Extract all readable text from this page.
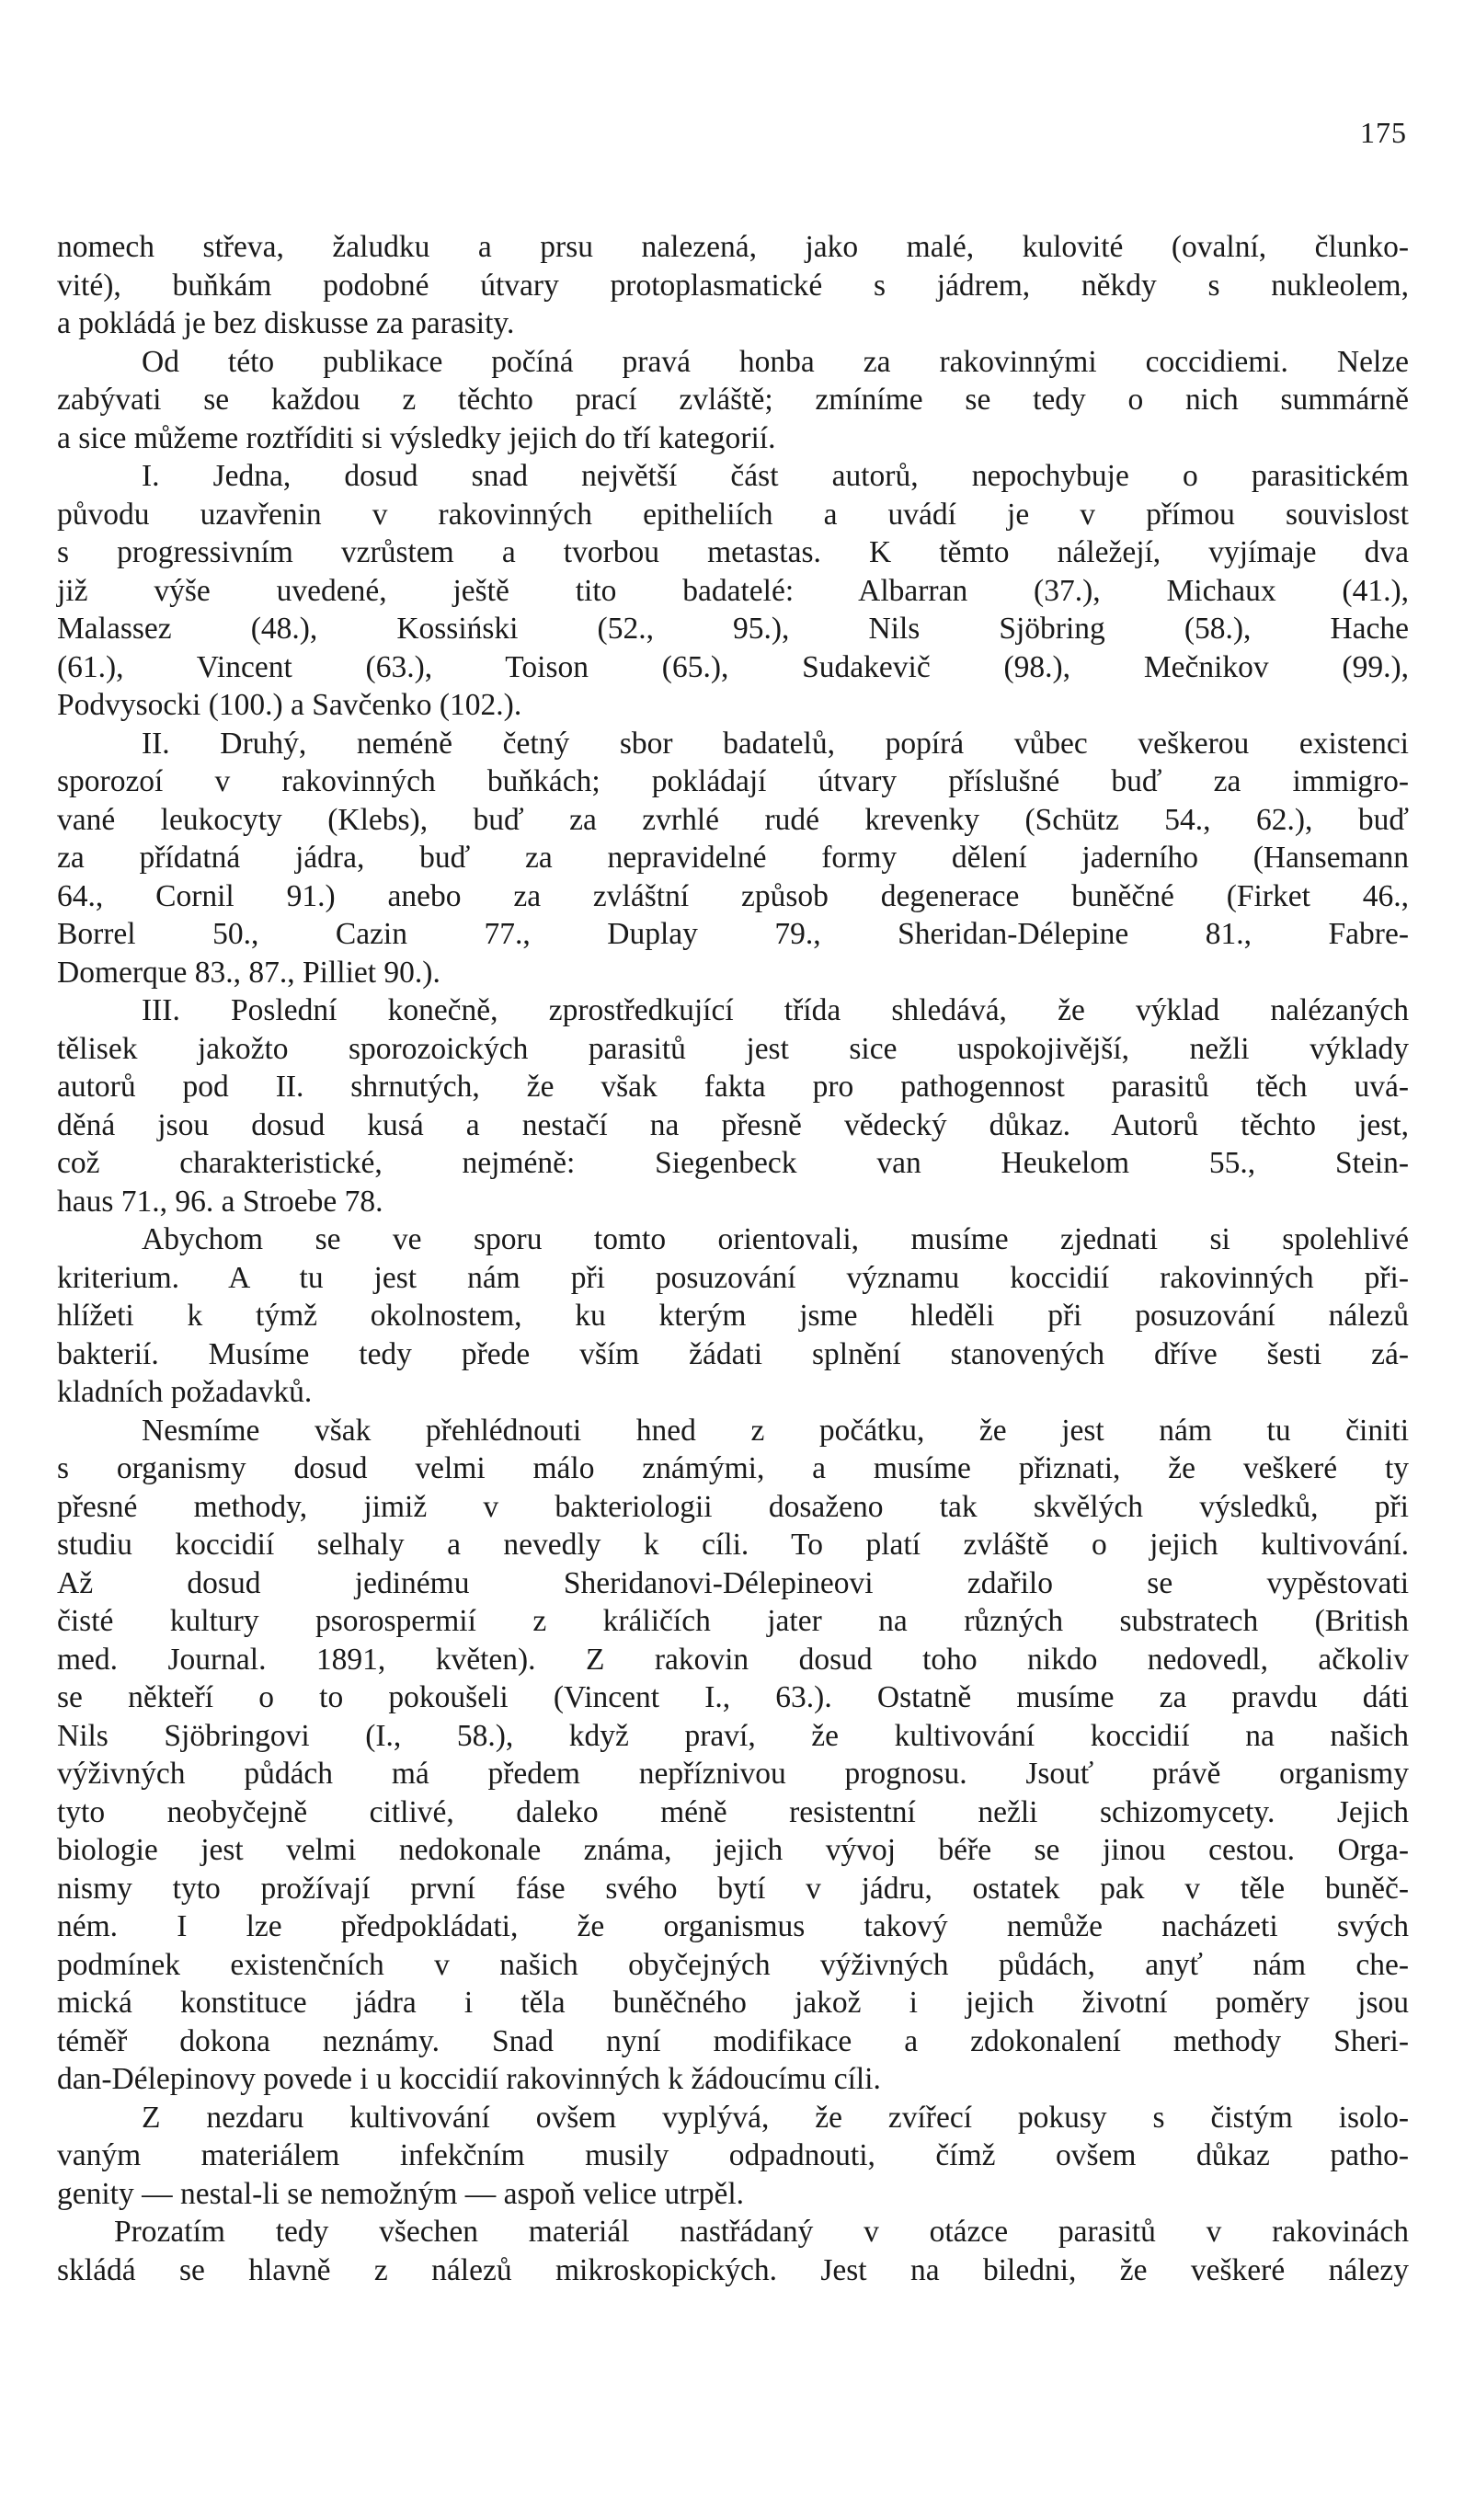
175
nomech střeva, žaludku a prsu nalezená, jako malé, kulovité (ovalní, člunko-
vité), buňkám podobné útvary protoplasmatické s jádrem, někdy s nukleolem,
a pokládá je bez diskusse za parasity.
Od této publikace počíná pravá honba za rakovinnými coccidiemi. Nelze
zabývati se každou z těchto prací zvláště; zmíníme se tedy o nich summárně
a sice můžeme roztříditi si výsledky jejich do tří kategorií.
I. Jedna, dosud snad největší část autorů, nepochybuje o parasitickém
původu uzavřenin v rakovinných epitheliích a uvádí je v přímou souvislost
s progressivním vzrůstem a tvorbou metastas. K těmto náležejí, vyjímaje dva
již výše uvedené, ještě tito badatelé: Albarran (37.), Michaux (41.),
Malassez (48.), Kossiński (52., 95.), Nils Sjöbring (58.), Hache
(61.), Vincent (63.), Toison (65.), Sudakevič (98.), Mečnikov (99.),
Podvysocki (100.) a Savčenko (102.).
II. Druhý, neméně četný sbor badatelů, popírá vůbec veškerou existenci
sporozoí v rakovinných buňkách; pokládají útvary příslušné buď za immigro-
vané leukocyty (Klebs), buď za zvrhlé rudé krevenky (Schütz 54., 62.), buď
za přídatná jádra, buď za nepravidelné formy dělení jaderního (Hansemann
64., Cornil 91.) anebo za zvláštní způsob degenerace buněčné (Firket 46.,
Borrel 50., Cazin 77., Duplay 79., Sheridan-Délepine 81., Fabre-
Domerque 83., 87., Pilliet 90.).
III. Poslední konečně, zprostředkující třída shledává, že výklad nalézaných
tělisek jakožto sporozoických parasitů jest sice uspokojivější, nežli výklady
autorů pod II. shrnutých, že však fakta pro pathogennost parasitů těch uvá-
děná jsou dosud kusá a nestačí na přesně vědecký důkaz. Autorů těchto jest,
což charakteristické, nejméně: Siegenbeck van Heukelom 55., Stein-
haus 71., 96. a Stroebe 78.
Abychom se ve sporu tomto orientovali, musíme zjednati si spolehlivé
kriterium. A tu jest nám při posuzování významu koccidií rakovinných při-
hlížeti k týmž okolnostem, ku kterým jsme hleděli při posuzování nálezů
bakterií. Musíme tedy přede vším žádati splnění stanovených dříve šesti zá-
kladních požadavků.
Nesmíme však přehlédnouti hned z počátku, že jest nám tu činiti
s organismy dosud velmi málo známými, a musíme přiznati, že veškeré ty
přesné methody, jimiž v bakteriologii dosaženo tak skvělých výsledků, při
studiu koccidií selhaly a nevedly k cíli. To platí zvláště o jejich kultivování.
Až dosud jedinému Sheridanovi-Délepineovi zdařilo se vypěstovati
čisté kultury psorospermií z králičích jater na různých substratech (British
med. Journal. 1891, květen). Z rakovin dosud toho nikdo nedovedl, ačkoliv
se někteří o to pokoušeli (Vincent I., 63.). Ostatně musíme za pravdu dáti
Nils Sjöbringovi (I., 58.), když praví, že kultivování koccidií na našich
výživných půdách má předem nepříznivou prognosu. Jsouť právě organismy
tyto neobyčejně citlivé, daleko méně resistentní nežli schizomycety. Jejich
biologie jest velmi nedokonale známa, jejich vývoj béře se jinou cestou. Orga-
nismy tyto prožívají první fáse svého bytí v jádru, ostatek pak v těle buněč-
ném. I lze předpokládati, že organismus takový nemůže nacházeti svých
podmínek existenčních v našich obyčejných výživných půdách, anyť nám che-
mická konstituce jádra i těla buněčného jakož i jejich životní poměry jsou
téměř dokona neznámy. Snad nyní modifikace a zdokonalení methody Sheri-
dan-Délepinovy povede i u koccidií rakovinných k žádoucímu cíli.
Z nezdaru kultivování ovšem vyplývá, že zvířecí pokusy s čistým isolo-
vaným materiálem infekčním musily odpadnouti, čímž ovšem důkaz patho-
genity — nestal-li se nemožným — aspoň velice utrpěl.
Prozatím tedy všechen materiál nastřádaný v otázce parasitů v rakovinách
skládá se hlavně z nálezů mikroskopických. Jest na biledni, že veškeré nálezy
